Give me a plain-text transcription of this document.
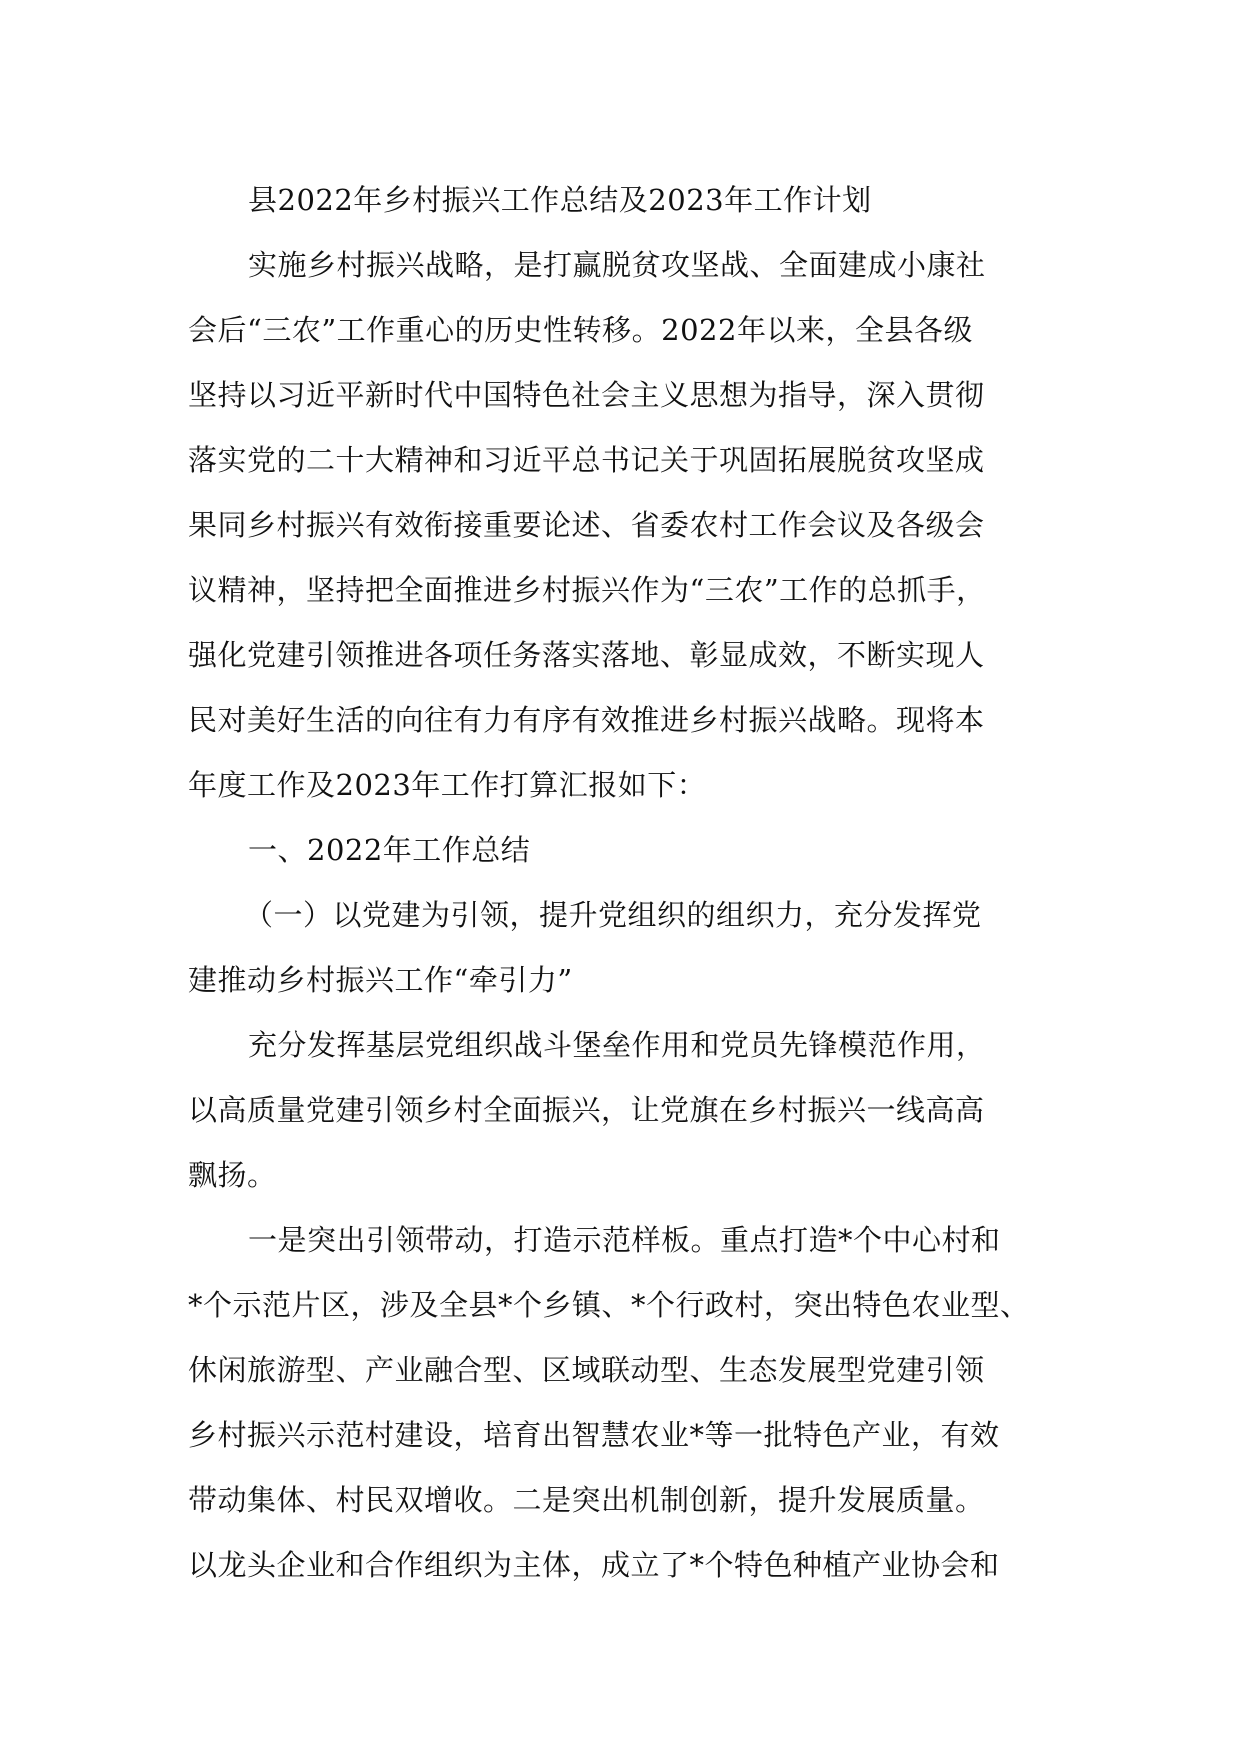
县2022年乡村振兴工作总结及2023年工作计划
实施乡村振兴战略，是打赢脱贫攻坚战、全面建成小康社
会后“三农”工作重心的历史性转移。2022年以来，全县各级
坚持以习近平新时代中国特色社会主义思想为指导，深入贯彻
落实党的二十大精神和习近平总书记关于巩固拓展脱贫攻坚成
果同乡村振兴有效衔接重要论述、省委农村工作会议及各级会
议精神，坚持把全面推进乡村振兴作为“三农”工作的总抓手，
强化党建引领推进各项任务落实落地、彰显成效，不断实现人
民对美好生活的向往有力有序有效推进乡村振兴战略。现将本
年度工作及2023年工作打算汇报如下：
一、2022年工作总结
（一）以党建为引领，提升党组织的组织力，充分发挥党
建推动乡村振兴工作“牵引力”
充分发挥基层党组织战斗堡垒作用和党员先锋模范作用，
以高质量党建引领乡村全面振兴，让党旗在乡村振兴一线高高
飘扬。
一是突出引领带动，打造示范样板。重点打造*个中心村和
*个示范片区，涉及全县*个乡镇、*个行政村，突出特色农业型、
休闲旅游型、产业融合型、区域联动型、生态发展型党建引领
乡村振兴示范村建设，培育出智慧农业*等一批特色产业，有效
带动集体、村民双增收。二是突出机制创新，提升发展质量。
以龙头企业和合作组织为主体，成立了*个特色种植产业协会和
